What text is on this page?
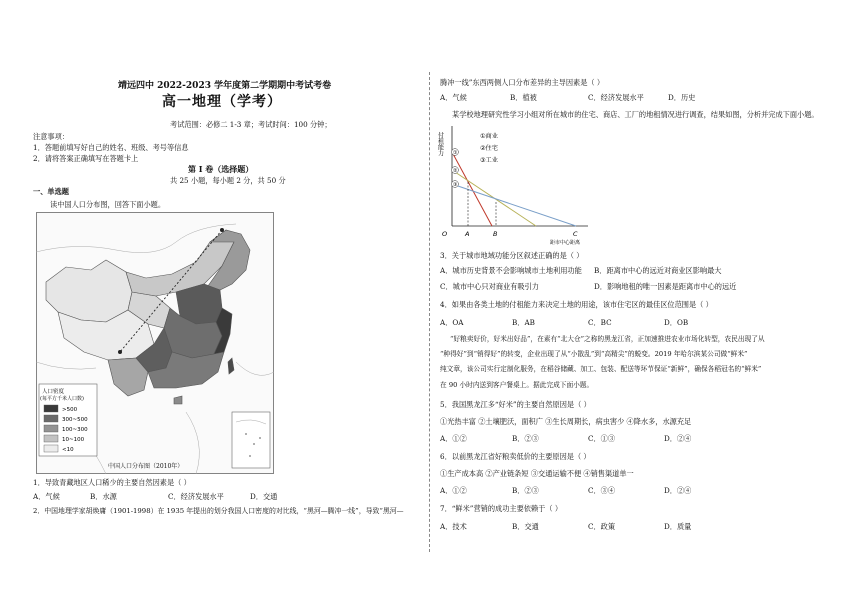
靖远四中 2022-2023 学年度第二学期期中考试考卷
高一地理（学考）
考试范围：必修二 1-3 章；考试时间：100 分钟；
注意事项：
1．答题前填写好自己的姓名、班级、考号等信息
2．请将答案正确填写在答题卡上
第 I 卷（选择题）
共 25 小题，每小题 2 分，共 50 分
一、单选题
读中国人口分布图，回答下面小题。
人口密度
(每平方千米人口数)
>500
300~500
100~300
10~100
<10
中国人口分布图（2010年）
1．导致青藏地区人口稀少的主要自然因素是（ ）
A．气候	B．水源	C．经济发展水平	D．交通
2．中国地理学家胡焕庸（1901-1998）在 1935 年提出的划分我国人口密度的对比线，“黑河—腾冲一线”，导致“黑河—
腾冲一线”东西两侧人口分布差异的主导因素是（ ）
A．气候	B．植被	C．经济发展水平	D．历史
某学校地理研究性学习小组对所在城市的住宅、商店、工厂的地租情况进行调查，结果如图，分析并完成下面小题。
付租能力 ①
②
③
①商业
②住宅
③工业
O	A	B	C
距市中心距离
3．关于城市地域功能分区叙述正确的是（ ）
A．城市历史背景不会影响城市土地利用功能 B．距离市中心的远近对商业区影响最大
C．城市中心只对商业有吸引力	D．影响地租的唯一因素是距离市中心的远近
4．如果由各类土地的付租能力来决定土地的用途，该市住宅区的最佳区位范围是（ ）
A．OA	B．AB	C．BC	D．OB
“好粮卖好价，好米出好品”，在素有“北大仓”之称的黑龙江省，正加速推进农业市场化转型，农民出现了从
“种得好”到“销得好”的转变，企业出现了从“小散乱”到“高精尖”的蜕变。2019 年哈尔滨某公司做“鲜米”
纯文章，该公司实行定制化服务，在稻谷储藏、加工、包装、配送等环节保证“新鲜”，确保各稻冠名的“鲜米”
在 90 小时内送到客户餐桌上。据此完成下面小题。
5．我国黑龙江多“好米”的主要自然原因是（ ）
①光热丰富 ②土壤肥沃，面积广 ③生长周期长，病虫害少 ④降水多，水源充足
A．①②	B．②③	C．①③	D．②④
6．以前黑龙江省好粮卖低价的主要原因是（ ）
①生产成本高 ②产业链条短 ③交通运输不便 ④销售渠道单一
A．①②	B．②③	C．③④	D．②④
7．“鲜米”营销的成功主要依赖于（ ）
A．技术	B．交通	C．政策	D．质量
